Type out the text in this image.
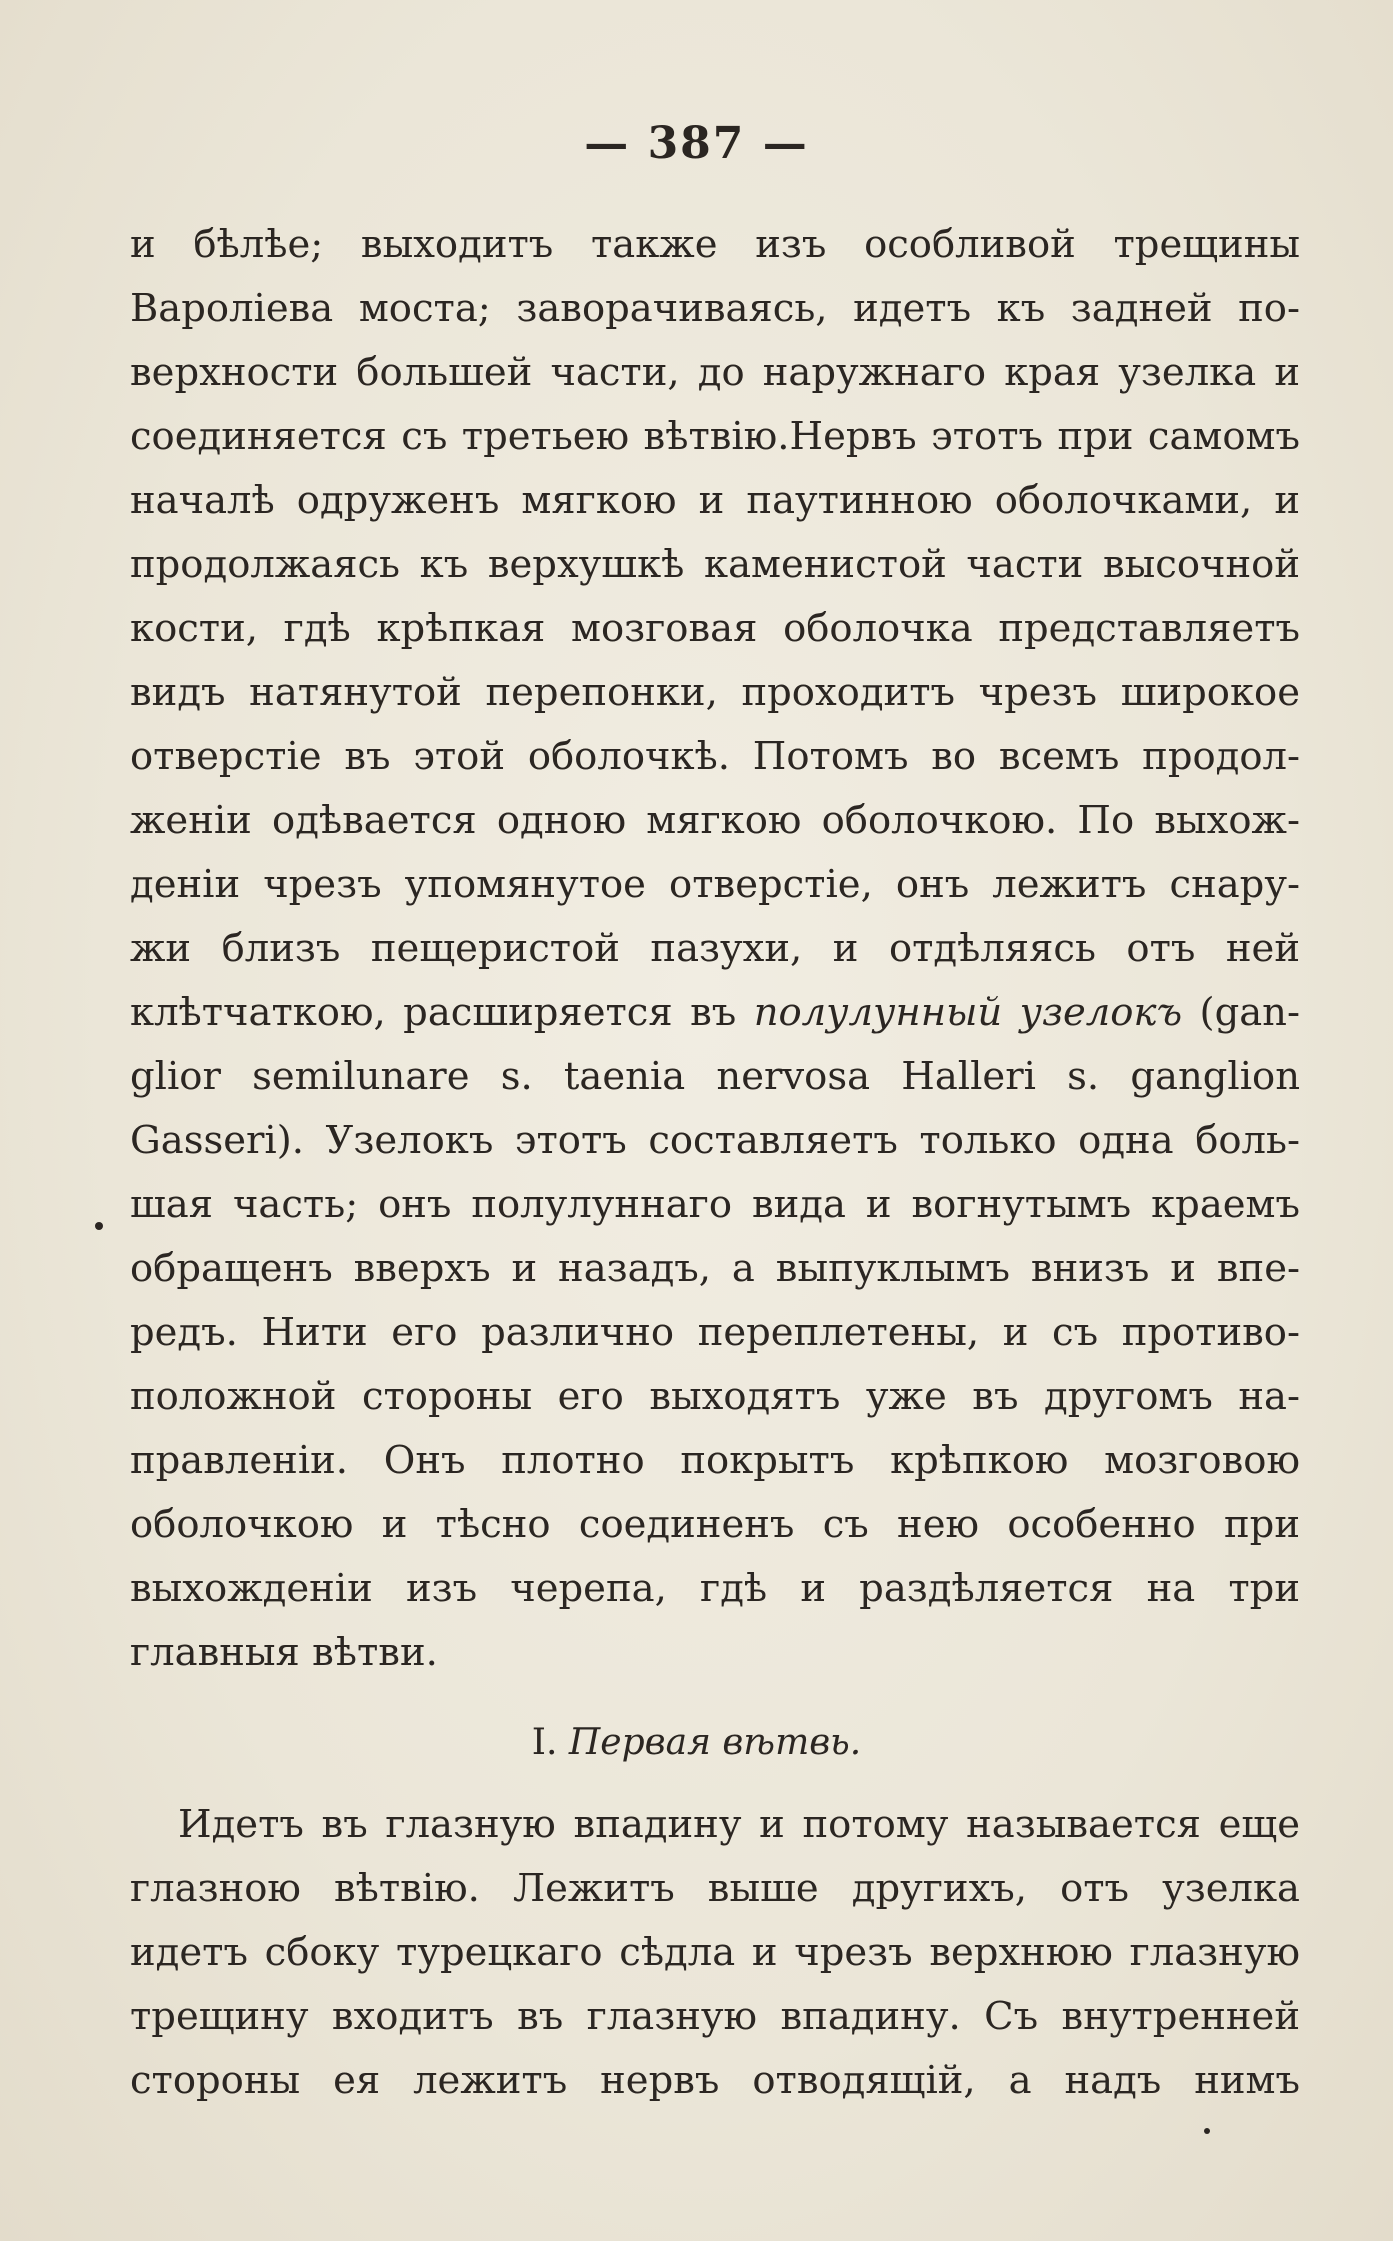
— 387 —
и бѣлѣе; выходитъ также изъ особливой трещины
Вароліева моста; заворачиваясь, идетъ къ задней по-
верхности большей части, до наружнаго края узелка и
соединяется съ третьею вѣтвію.Нервъ этотъ при самомъ
началѣ одруженъ мягкою и паутинною оболочками, и
продолжаясь къ верхушкѣ каменистой части высочной
кости, гдѣ крѣпкая мозговая оболочка представляетъ
видъ натянутой перепонки, проходитъ чрезъ широкое
отверстіе въ этой оболочкѣ. Потомъ во всемъ продол-
женіи одѣвается одною мягкою оболочкою. По выхож-
деніи чрезъ упомянутое отверстіе, онъ лежитъ снару-
жи близъ пещеристой пазухи, и отдѣляясь отъ ней
клѣтчаткою, расширяется въ полулунный узелокъ (gan-
glior semilunare s. taenia nervosa Halleri s. ganglion
Gasseri). Узелокъ этотъ составляетъ только одна боль-
шая часть; онъ полулуннаго вида и вогнутымъ краемъ
обращенъ вверхъ и назадъ, а выпуклымъ внизъ и впе-
редъ. Нити его различно переплетены, и съ противо-
положной стороны его выходятъ уже въ другомъ на-
правленіи. Онъ плотно покрытъ крѣпкою мозговою
оболочкою и тѣсно соединенъ съ нею особенно при
выхожденіи изъ черепа, гдѣ и раздѣляется на три
главныя вѣтви.
I. Первая вѣтвь.
Идетъ въ глазную впадину и потому называется еще
глазною вѣтвію. Лежитъ выше другихъ, отъ узелка
идетъ сбоку турецкаго сѣдла и чрезъ верхнюю глазную
трещину входитъ въ глазную впадину. Съ внутренней
стороны ея лежитъ нервъ отводящій, а надъ нимъ
